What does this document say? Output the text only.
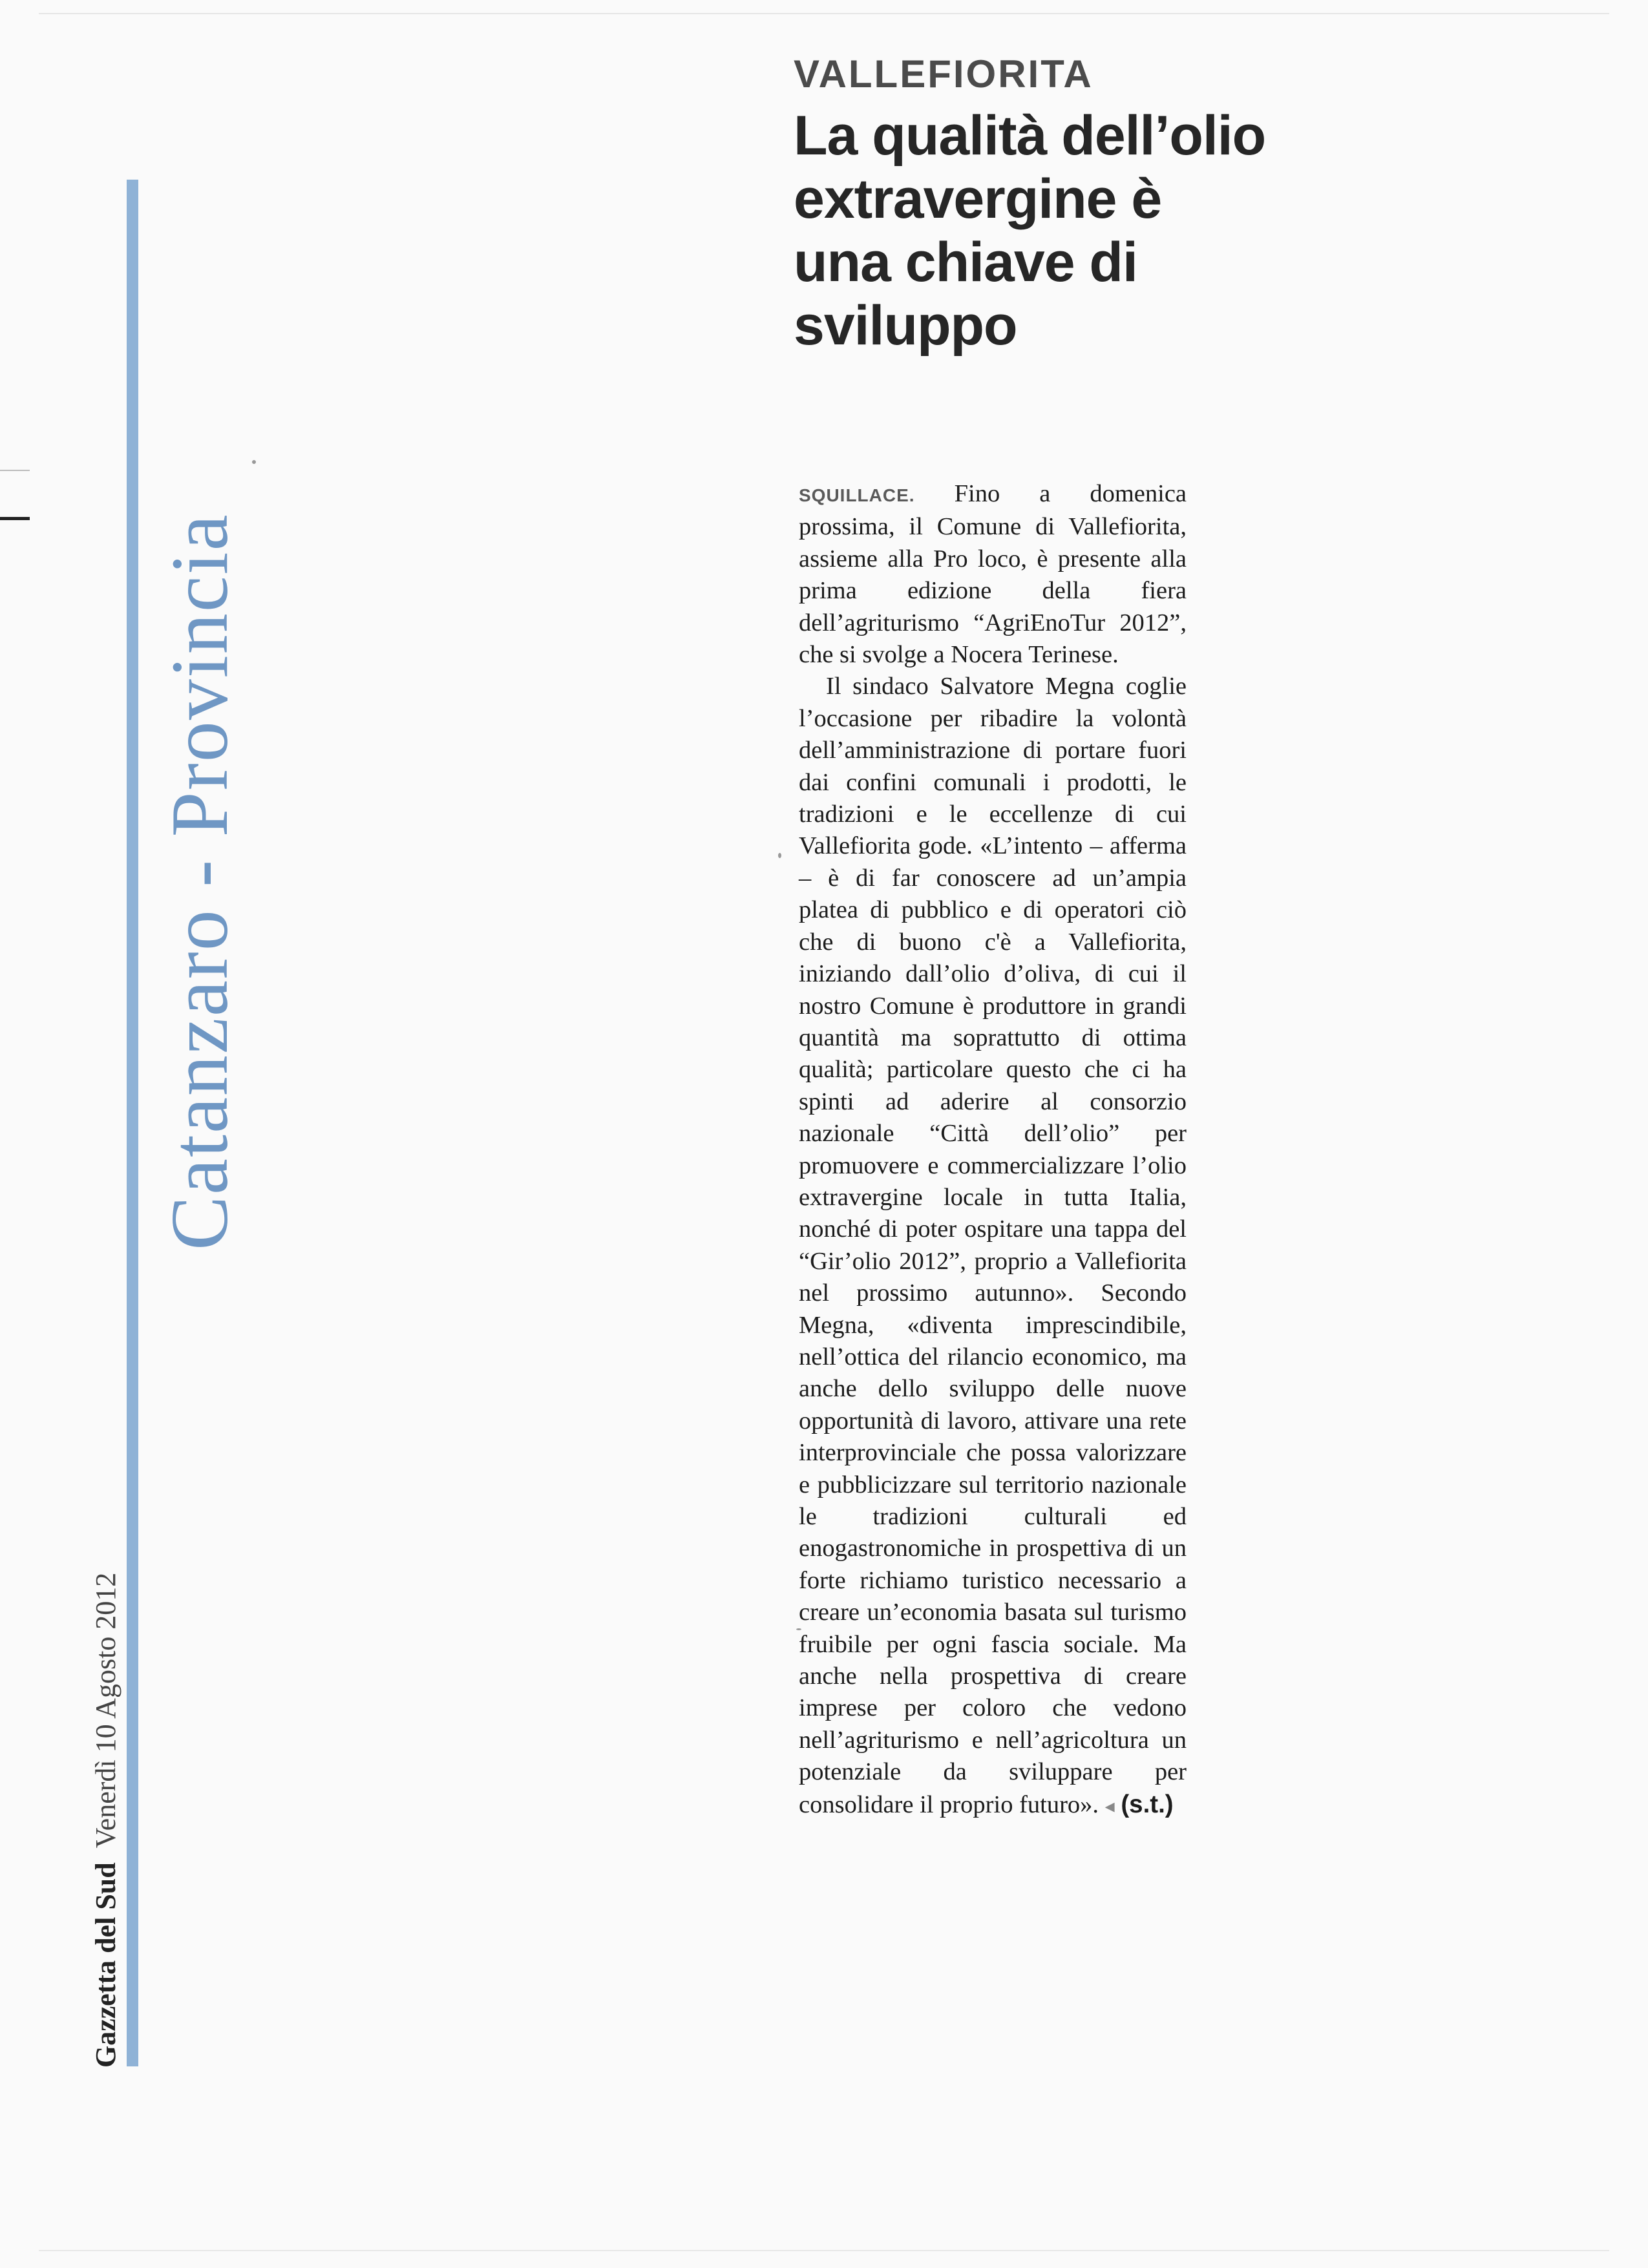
Catanzaro - Provincia
Gazzetta del Sud  Venerdì 10 Agosto 2012
VALLEFIORITA
La qualità dell’olio extravergine è una chiave di sviluppo

SQUILLACE. Fino a domenica prossima, il Comune di Vallefiorita, assieme alla Pro loco, è presente alla prima edizione della fiera dell’agriturismo “AgriEnoTur 2012”, che si svolge a Nocera Terinese.

Il sindaco Salvatore Megna coglie l’occasione per ribadire la volontà dell’amministrazione di portare fuori dai confini comunali i prodotti, le tradizioni e le eccellenze di cui Vallefiorita gode. «L’intento – afferma – è di far conoscere ad un’ampia platea di pubblico e di operatori ciò che di buono c'è a Vallefiorita, iniziando dall’olio d’oliva, di cui il nostro Comune è produttore in grandi quantità ma soprattutto di ottima qualità; particolare questo che ci ha spinti ad aderire al consorzio nazionale “Città dell’olio” per promuovere e commercializzare l’olio extravergine locale in tutta Italia, nonché di poter ospitare una tappa del “Gir’olio 2012”, proprio a Vallefiorita nel prossimo autunno». Secondo Megna, «diventa imprescindibile, nell’ottica del rilancio economico, ma anche dello sviluppo delle nuove opportunità di lavoro, attivare una rete interprovinciale che possa valorizzare e pubblicizzare sul territorio nazionale le tradizioni culturali ed enogastronomiche in prospettiva di un forte richiamo turistico necessario a creare un’economia basata sul turismo fruibile per ogni fascia sociale. Ma anche nella prospettiva di creare imprese per coloro che vedono nell’agriturismo e nell’agricoltura un potenziale da sviluppare per consolidare il proprio futuro». ◂ (s.t.)
